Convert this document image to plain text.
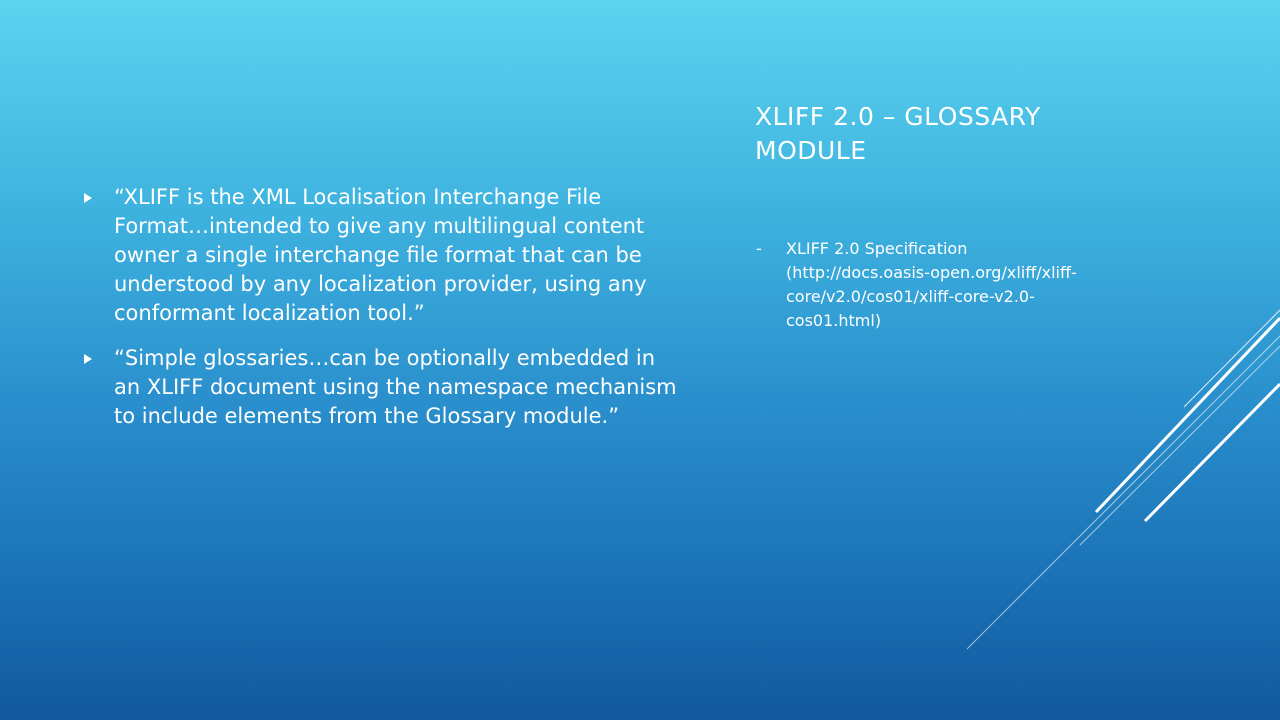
XLIFF 2.0 – GLOSSARY MODULE
“XLIFF is the XML Localisation Interchange File Format…intended to give any multilingual content owner a single interchange file format that can be understood by any localization provider, using any conformant localization tool.”
“Simple glossaries…can be optionally embedded in an XLIFF document using the namespace mechanism to include elements from the Glossary module.”
- XLIFF 2.0 Specification (http://docs.oasis-open.org/xliff/xliff-core/v2.0/cos01/xliff-core-v2.0-cos01.html)
